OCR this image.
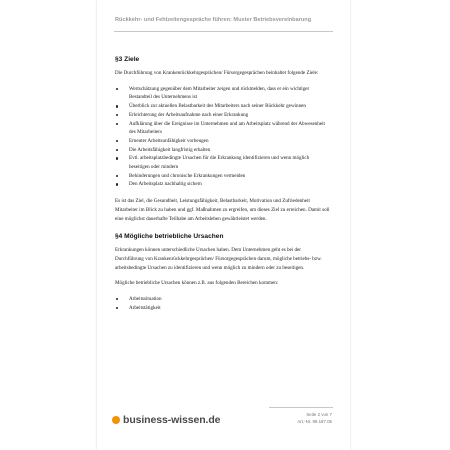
Rückkehr- und Fehlzeitengespräche führen: Muster Betriebsvereinbarung
§3 Ziele

Die Durchführung von Krankenrückkehrgesprächen/ Fürsorgegesprächen beinhaltet folgende Ziele:

Wertschätzung gegenüber dem Mitarbeiter zeigen und rückmelden, dass er ein wichtiger Bestandteil des Unternehmens ist
Überblick zur aktuellen Belastbarkeit des Mitarbeiters nach seiner Rückkehr gewinnen
Erleichterung der Arbeitsaufnahme nach einer Erkrankung
Aufklärung über die Ereignisse im Unternehmen und am Arbeitsplatz während der Abwesenheit des Mitarbeiters
Erneuter Arbeitsunfähigkeit vorbeugen
Die Arbeitsfähigkeit langfristig erhalten
Evtl. arbeitsplatzbedingte Ursachen für die Erkrankung identifizieren und wenn möglich beseitigen oder mindern
Behinderungen und chronische Erkrankungen vermeiden
Den Arbeitsplatz nachhaltig sichern

Es ist das Ziel, die Gesundheit, Leistungsfähigkeit, Belastbarkeit, Motivation und Zufriedenheit Mitarbeiter im Blick zu haben und ggf. Maßnahmen zu ergreifen, um dieses Ziel zu erreichen. Damit soll eine möglichst dauerhafte Teilhabe am Arbeitsleben gewährleistet werden.

§4 Mögliche betriebliche Ursachen

Erkrankungen können unterschiedliche Ursachen haben. Dem Unternehmen geht es bei der Durchführung von Krankenrückkehrgesprächen/ Fürsorgegesprächen darum, mögliche betriebs- bzw. arbeitsbedingte Ursachen zu identifizieren und wenn möglich zu mindern oder zu beseitigen.

Mögliche betriebliche Ursachen können z.B. aus folgenden Bereichen kommen:

Arbeitssituation
Arbeitstätigkeit
business-wissen.de	Seite 2 von 7
Art.-Nr. 99.187.05
